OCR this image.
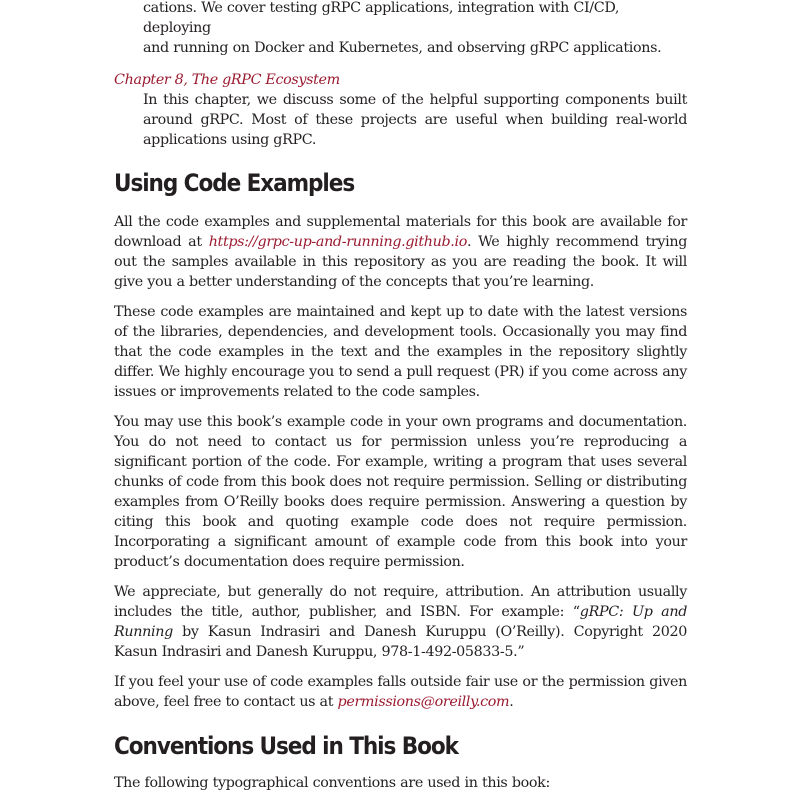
cations. We cover testing gRPC applications, integration with CI/CD, deploying
and running on Docker and Kubernetes, and observing gRPC applications.
Chapter 8, The gRPC Ecosystem
In this chapter, we discuss some of the helpful supporting components built around gRPC. Most of these projects are useful when building real-world applications using gRPC.
Using Code Examples

All the code examples and supplemental materials for this book are available for download at https://grpc-up-and-running.github.io. We highly recommend trying out the samples available in this repository as you are reading the book. It will give you a better understanding of the concepts that you’re learning.

These code examples are maintained and kept up to date with the latest versions of the libraries, dependencies, and development tools. Occasionally you may find that the code examples in the text and the examples in the repository slightly differ. We highly encourage you to send a pull request (PR) if you come across any issues or improvements related to the code samples.

You may use this book’s example code in your own programs and documentation. You do not need to contact us for permission unless you’re reproducing a significant portion of the code. For example, writing a program that uses several chunks of code from this book does not require permission. Selling or distributing examples from O’Reilly books does require permission. Answering a question by citing this book and quoting example code does not require permission. Incorporating a significant amount of example code from this book into your product’s documentation does require permission.

We appreciate, but generally do not require, attribution. An attribution usually includes the title, author, publisher, and ISBN. For example: “gRPC: Up and Running by Kasun Indrasiri and Danesh Kuruppu (O’Reilly). Copyright 2020 Kasun Indrasiri and Danesh Kuruppu, 978-1-492-05833-5.”

If you feel your use of code examples falls outside fair use or the permission given above, feel free to contact us at permissions@oreilly.com.

Conventions Used in This Book

The following typographical conventions are used in this book:
